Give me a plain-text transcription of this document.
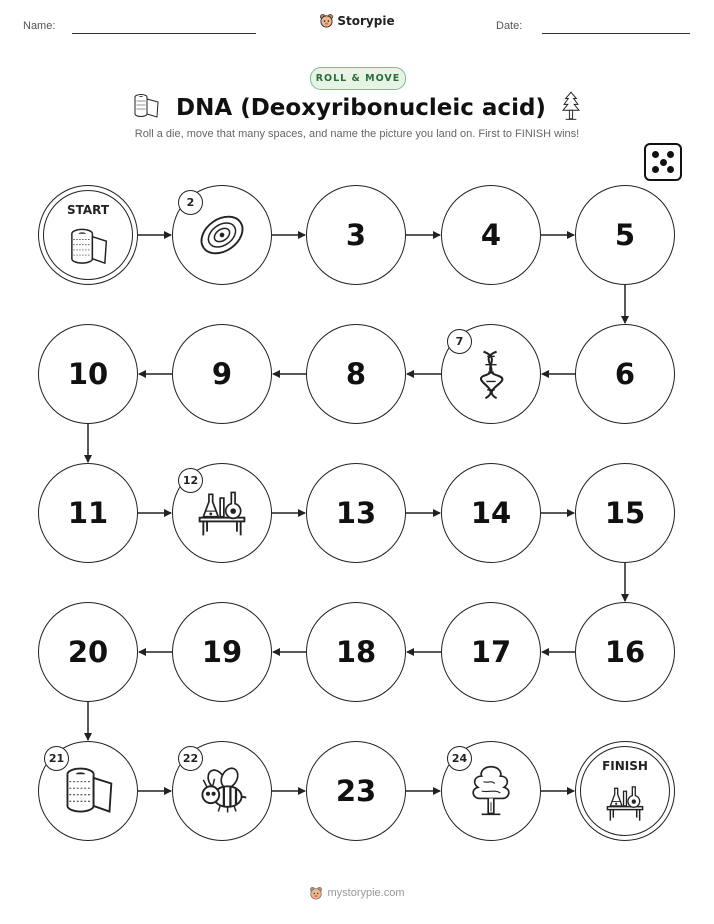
Name:	Storypie	Date:
ROLL & MOVE
DNA (Deoxyribonucleic acid)
Roll a die, move that many spaces, and name the picture you land on. First to FINISH wins!
START
2
3	4	5
6
7
8
9
10
11
12
13	14	15
16
17
18
19
20
21	22
23
24
FINISH
mystorypie.com
